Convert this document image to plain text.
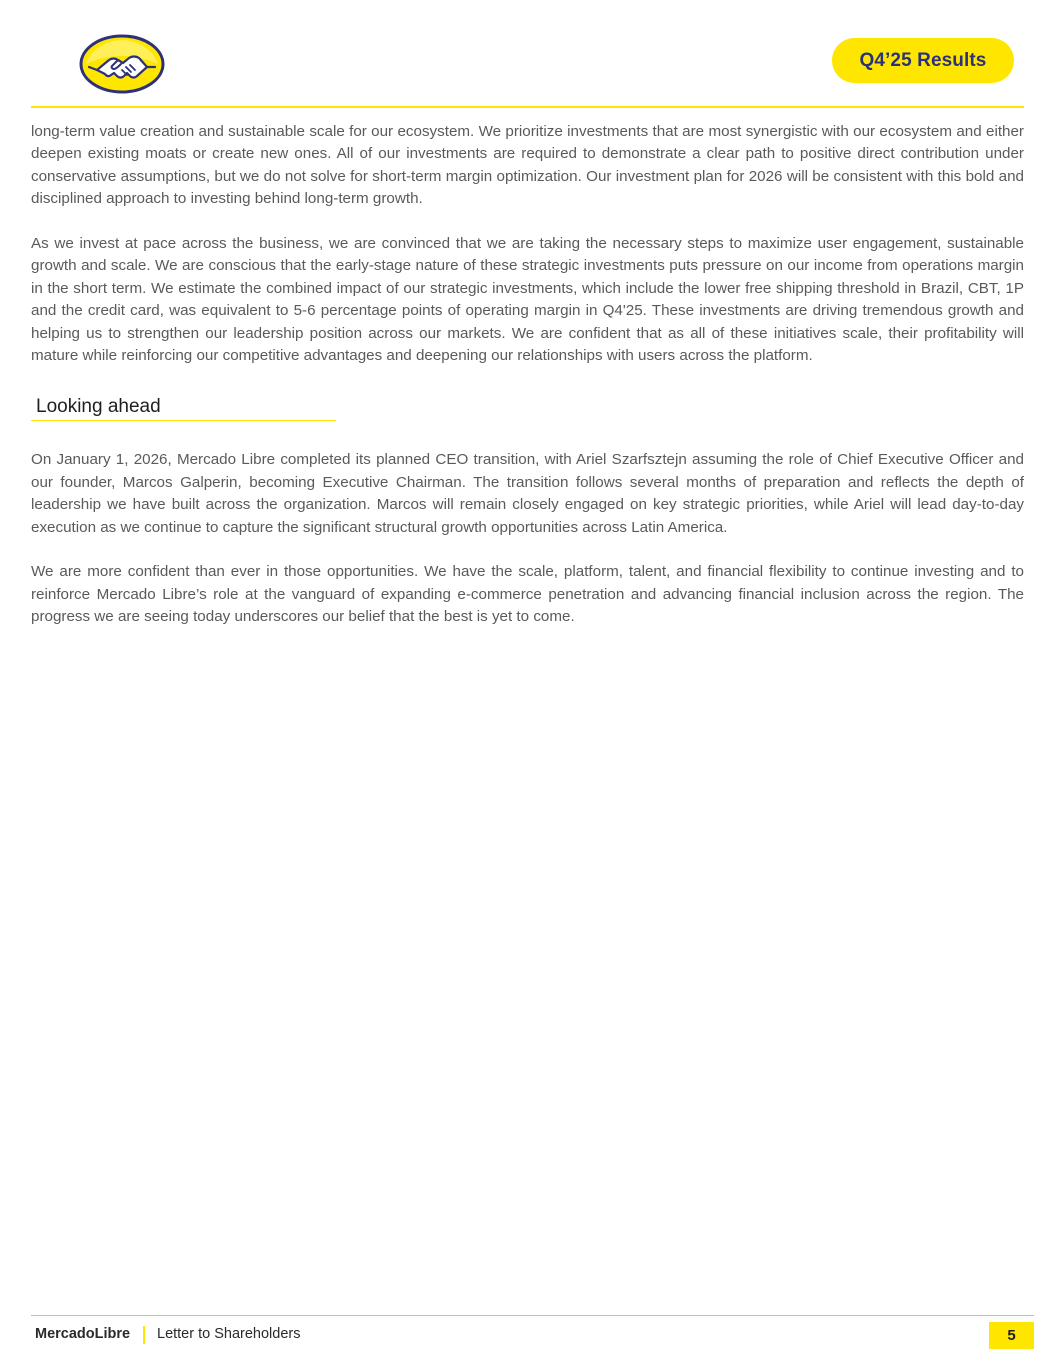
Q4’25 Results

long-term value creation and sustainable scale for our ecosystem. We prioritize investments that are most synergistic with our ecosystem and either deepen existing moats or create new ones. All of our investments are required to demonstrate a clear path to positive direct contribution under conservative assumptions, but we do not solve for short-term margin optimization. Our investment plan for 2026 will be consistent with this bold and disciplined approach to investing behind long-term growth.

As we invest at pace across the business, we are convinced that we are taking the necessary steps to maximize user engagement, sustainable growth and scale. We are conscious that the early-stage nature of these strategic investments puts pressure on our income from operations margin in the short term. We estimate the combined impact of our strategic investments, which include the lower free shipping threshold in Brazil, CBT, 1P and the credit card, was equivalent to 5-6 percentage points of operating margin in Q4'25. These investments are driving tremendous growth and helping us to strengthen our leadership position across our markets. We are confident that as all of these initiatives scale, their profitability will mature while reinforcing our competitive advantages and deepening our relationships with users across the platform.

Looking ahead

On January 1, 2026, Mercado Libre completed its planned CEO transition, with Ariel Szarfsztejn assuming the role of Chief Executive Officer and our founder, Marcos Galperin, becoming Executive Chairman. The transition follows several months of preparation and reflects the depth of leadership we have built across the organization. Marcos will remain closely engaged on key strategic priorities, while Ariel will lead day-to-day execution as we continue to capture the significant structural growth opportunities across Latin America.

We are more confident than ever in those opportunities. We have the scale, platform, talent, and financial flexibility to continue investing and to reinforce Mercado Libre’s role at the vanguard of expanding e-commerce penetration and advancing financial inclusion across the region. The progress we are seeing today underscores our belief that the best is yet to come.

MercadoLibre Letter to Shareholders	5
